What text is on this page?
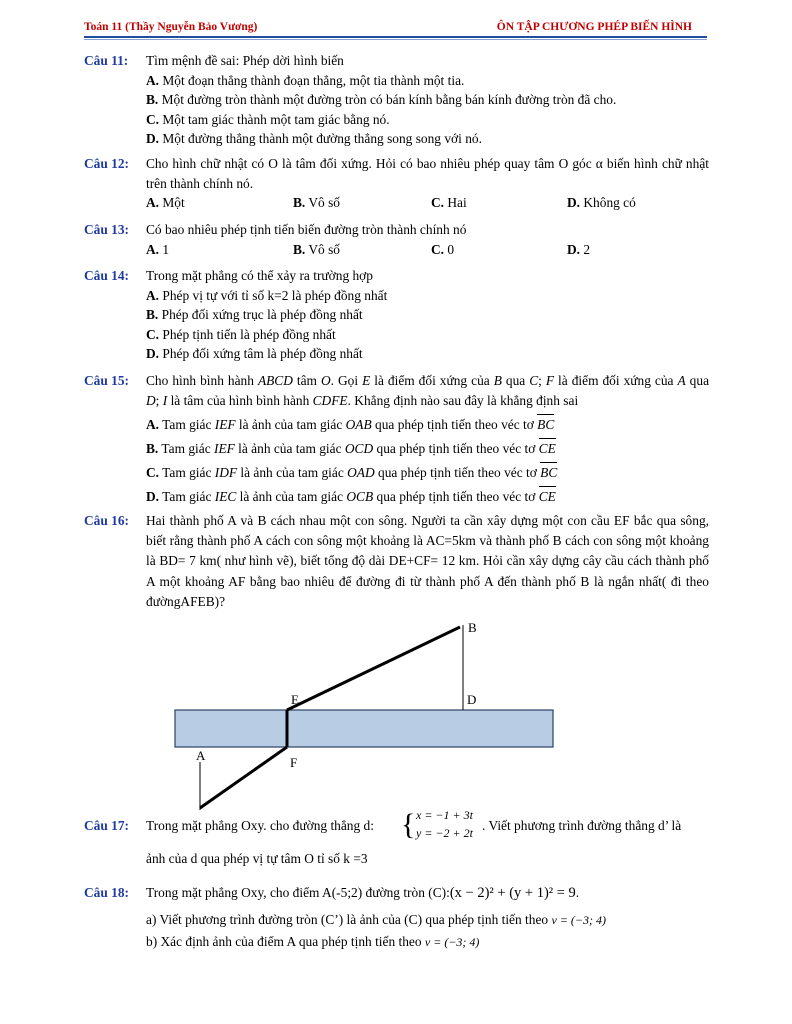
Toán 11 (Thầy Nguyễn Bảo Vương)	ÔN TẬP CHƯƠNG PHÉP BIẾN HÌNH
Câu 11: Tìm mệnh đề sai: Phép dời hình biến
A. Một đoạn thẳng thành đoạn thẳng, một tia thành một tia.
B. Một đường tròn thành một đường tròn có bán kính bằng bán kính đường tròn đã cho.
C. Một tam giác thành một tam giác bằng nó.
D. Một đường thẳng thành một đường thẳng song song với nó.
Câu 12: Cho hình chữ nhật có O là tâm đối xứng. Hỏi có bao nhiêu phép quay tâm O góc α biến hình chữ nhật trên thành chính nó.
A. Một	B. Vô số	C. Hai	D. Không có
Câu 13: Có bao nhiêu phép tịnh tiến biến đường tròn thành chính nó
A. 1	B. Vô số	C. 0	D. 2
Câu 14: Trong mặt phẳng có thể xảy ra trường hợp
A. Phép vị tự với tỉ số k=2 là phép đồng nhất
B. Phép đối xứng trục là phép đồng nhất
C. Phép tịnh tiến là phép đồng nhất
D. Phép đối xứng tâm là phép đồng nhất
Câu 15: Cho hình bình hành ABCD tâm O. Gọi E là điểm đối xứng của B qua C; F là điểm đối xứng của A qua D; I là tâm của hình bình hành CDFE. Khẳng định nào sau đây là khẳng định sai
A. Tam giác IEF là ảnh của tam giác OAB qua phép tịnh tiến theo véc tơ BC
B. Tam giác IEF là ảnh của tam giác OCD qua phép tịnh tiến theo véc tơ CE
C. Tam giác IDF là ảnh của tam giác OAD qua phép tịnh tiến theo véc tơ BC
D. Tam giác IEC là ảnh của tam giác OCB qua phép tịnh tiến theo véc tơ CE
Câu 16: Hai thành phố A và B cách nhau một con sông. Người ta cần xây dựng một con cầu EF bắc qua sông, biết rằng thành phố A cách con sông một khoảng là AC=5km và thành phố B cách con sông một khoảng là BD= 7 km( như hình vẽ), biết tổng độ dài DE+CF= 12 km. Hỏi cần xây dựng cây cầu cách thành phố A một khoảng AF bằng bao nhiêu để đường đi từ thành phố A đến thành phố B là ngắn nhất( đi theo đườngAFEB)?
B
E	D
A	F
Câu 17: Trong mặt phẳng Oxy. cho đường thẳng d: { x = −1 + 3t
y = −2 + 2t . Viết phương trình đường thẳng d’ là
ảnh của d qua phép vị tự tâm O tỉ số k =3
Câu 18: Trong mặt phẳng Oxy, cho điểm A(-5;2) đường tròn (C):(x − 2)² + (y + 1)² = 9.
a) Viết phương trình đường tròn (C’) là ảnh của (C) qua phép tịnh tiến theo v = (−3; 4)
b) Xác định ảnh của điểm A qua phép tịnh tiến theo v = (−3; 4)
